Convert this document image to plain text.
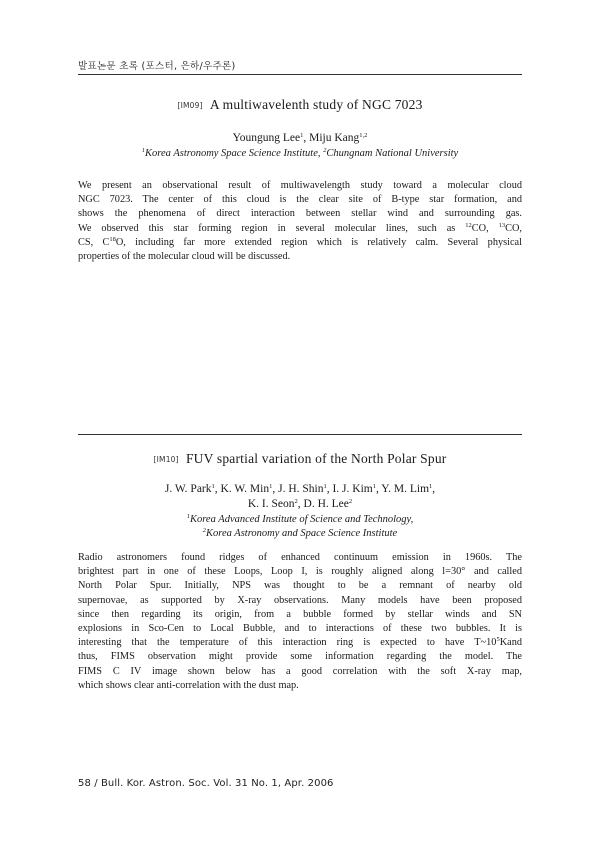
발표논문 초록 (포스터, 은하/우주론)
[IM09] A multiwavelenth study of NGC 7023
Youngung Lee$^1$, Miju Kang$^{1,2}$
$^1$Korea Astronomy Space Science Institute, $^2$Chungnam National University
We present an observational result of multiwavelength study toward a molecular cloud
NGC 7023. The center of this cloud is the clear site of B-type star formation, and
shows the phenomena of direct interaction between stellar wind and surrounding gas.
We observed this star forming region in several molecular lines, such as $^{12}$CO, $^{13}$CO,
CS, $C^{18}O$, including far more extended region which is relatively calm. Several physical
properties of the molecular cloud will be discussed.
[IM10] FUV spartial variation of the North Polar Spur
J. W. Park$^1$, K. W. Min$^1$, J. H. Shin$^1$, I. J. Kim$^1$, Y. M. Lim$^1$,
K. I. Seon$^2$, D. H. Lee$^2$
$^1$Korea Advanced Institute of Science and Technology,
$^2$Korea Astronomy and Space Science Institute
Radio astronomers found ridges of enhanced continuum emission in 1960s. The
brightest part in one of these Loops, Loop I, is roughly aligned along l=30° and called
North Polar Spur. Initially, NPS was thought to be a remnant of nearby old
supernovae, as supported by X-ray observations. Many models have been proposed
since then regarding its origin, from a bubble formed by stellar winds and SN
explosions in Sco-Cen to Local Bubble, and to interactions of these two bubbles. It is
interesting that the temperature of this interaction ring is expected to have $T\sim 10^5Kand$
thus, FIMS observation might provide some information regarding the model. The
FIMS C IV image shown below has a good correlation with the soft X-ray map,
which shows clear anti-correlation with the dust map.
58 / Bull. Kor. Astron. Soc. Vol. 31 No. 1, Apr. 2006
